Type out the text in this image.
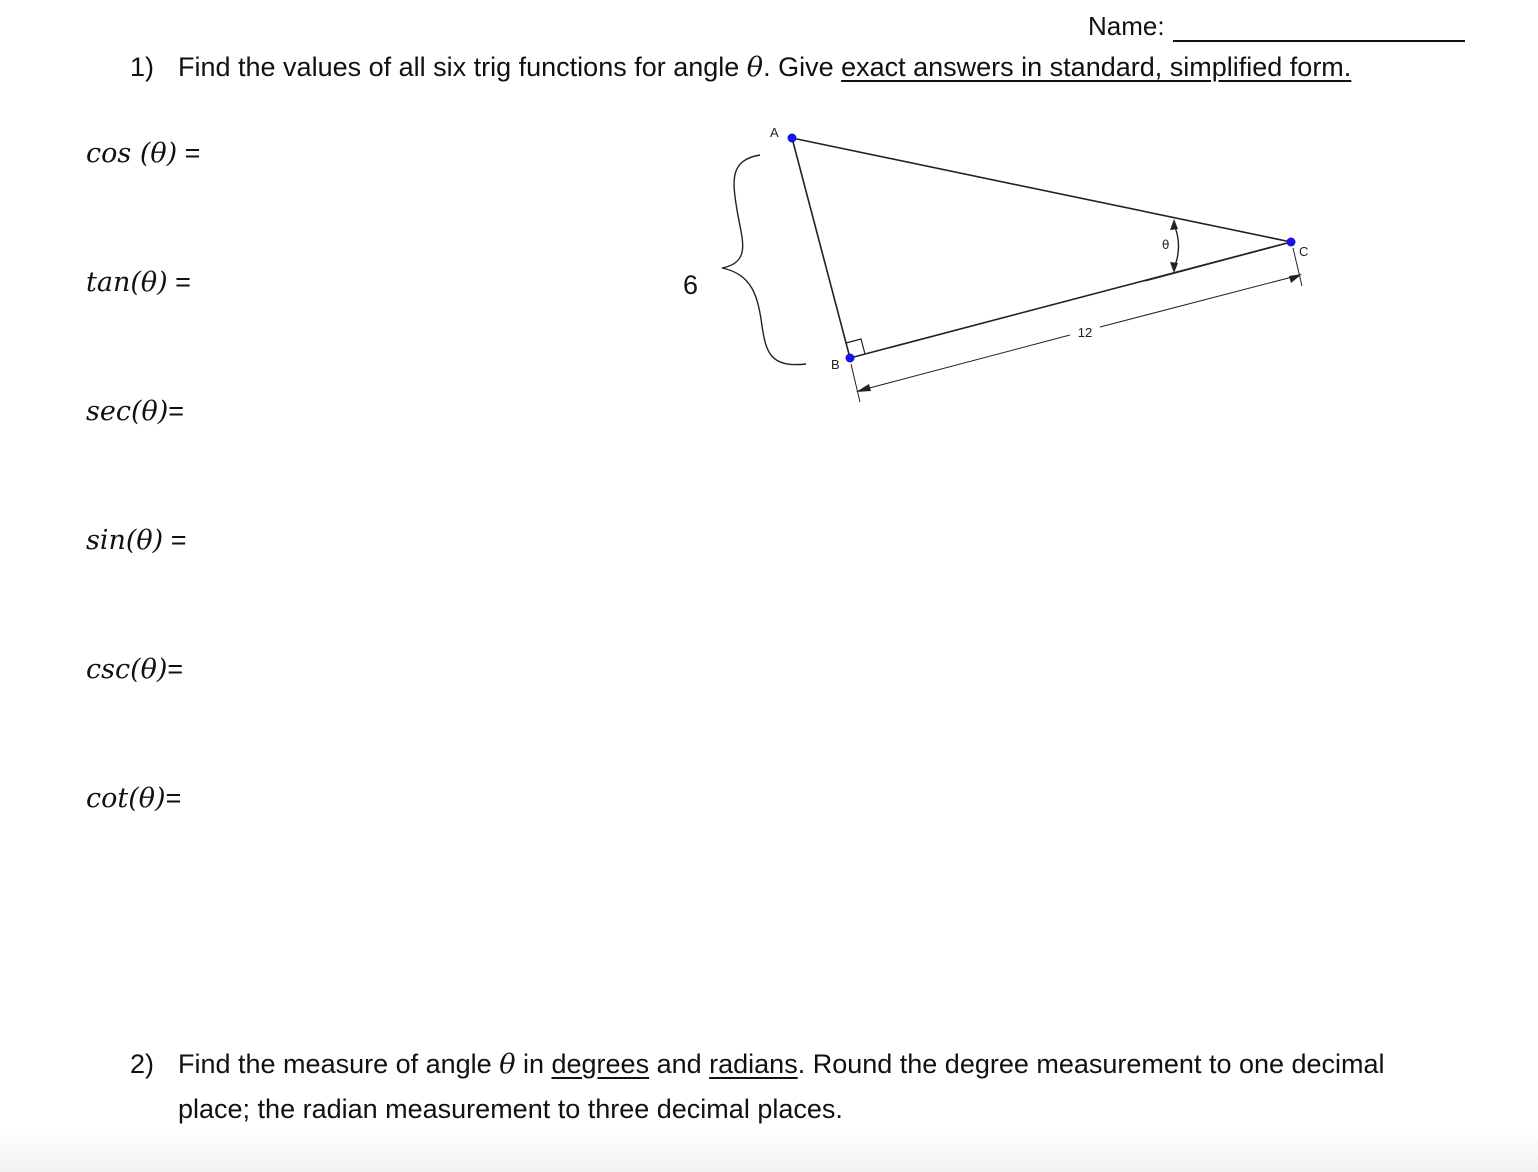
Name:
1) Find the values of all six trig functions for angle θ. Give exact answers in standard, simplified form.
cos (θ) =
tan(θ) =
sec(θ)=
sin(θ) =
csc(θ)=
cot(θ)=
6
12
A
B
C
θ
2) Find the measure of angle θ in degrees and radians. Round the degree measurement to one decimal
place; the radian measurement to three decimal places.
